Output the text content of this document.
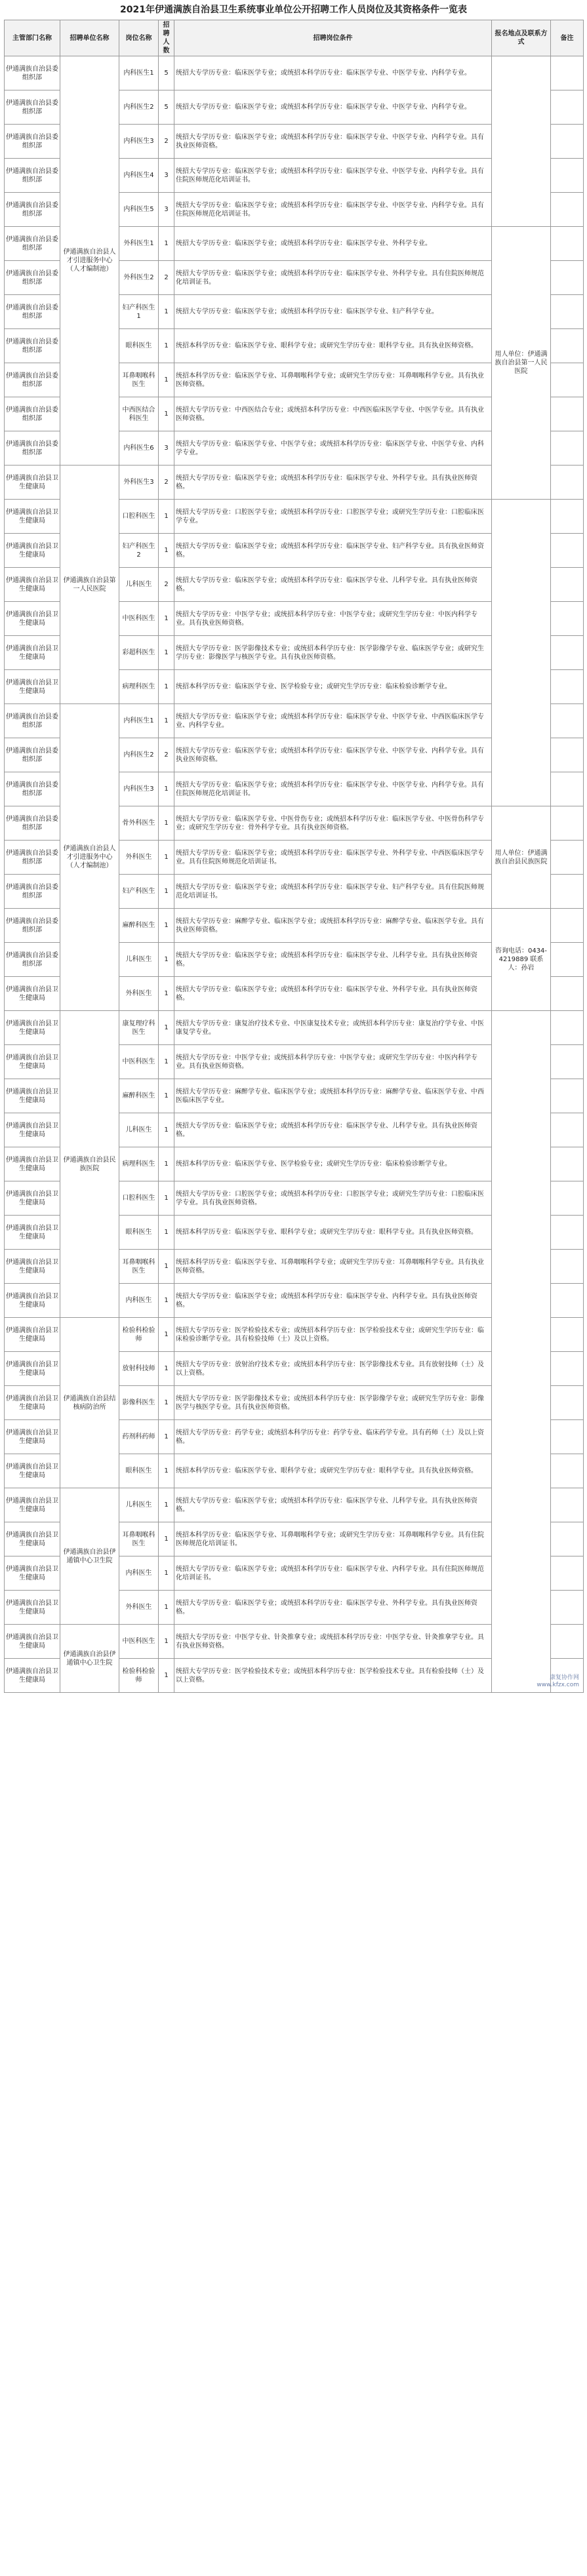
2021年伊通满族自治县卫生系统事业单位公开招聘工作人员岗位及其资格条件一览表
主管部门名称	招聘单位名称	岗位名称	招聘人数	招聘岗位条件	报名地点及联系方式	备注
伊通满族自治县委组织部	伊通满族自治县人才引进服务中心（人才编制池）	内科医生1	5	统招大专学历专业：临床医学专业；或统招本科学历专业：临床医学专业、中医学专业、内科学专业。		
伊通满族自治县委组织部		内科医生2	5	统招大专学历专业：临床医学专业；或统招本科学历专业：临床医学专业、中医学专业、内科学专业。		
伊通满族自治县委组织部		内科医生3	2	统招大专学历专业：临床医学专业；或统招本科学历专业：临床医学专业、中医学专业、内科学专业。具有执业医师资格。		
伊通满族自治县委组织部		内科医生4	3	统招大专学历专业：临床医学专业；或统招本科学历专业：临床医学专业、中医学专业、内科学专业。具有住院医师规范化培训证书。		
伊通满族自治县委组织部		内科医生5	3	统招大专学历专业：临床医学专业；或统招本科学历专业：临床医学专业、中医学专业、内科学专业。具有住院医师规范化培训证书。		
伊通满族自治县委组织部		外科医生1	1	统招大专学历专业：临床医学专业；或统招本科学历专业：临床医学专业、外科学专业。	用人单位：伊通满族自治县第一人民医院	
伊通满族自治县委组织部		外科医生2	2	统招大专学历专业：临床医学专业；或统招本科学历专业：临床医学专业、外科学专业。具有住院医师规范化培训证书。		
伊通满族自治县委组织部		妇产科医生1	1	统招大专学历专业：临床医学专业；或统招本科学历专业：临床医学专业、妇产科学专业。		
伊通满族自治县委组织部		眼科医生	1	统招本科学历专业：临床医学专业、眼科学专业；或研究生学历专业：眼科学专业。具有执业医师资格。		
伊通满族自治县委组织部		耳鼻咽喉科医生	1	统招本科学历专业：临床医学专业、耳鼻咽喉科学专业；或研究生学历专业：耳鼻咽喉科学专业。具有执业医师资格。		
伊通满族自治县委组织部		中西医结合科医生	1	统招大专学历专业：中西医结合专业；或统招本科学历专业：中西医临床医学专业、中医学专业。具有执业医师资格。		
伊通满族自治县委组织部		内科医生6	3	统招大专学历专业：临床医学专业、中医学专业；或统招本科学历专业：临床医学专业、中医学专业、内科学专业。		
伊通满族自治县卫生健康局	伊通满族自治县第一人民医院	外科医生3	2	统招大专学历专业：临床医学专业；或统招本科学历专业：临床医学专业、外科学专业。具有执业医师资格。		
伊通满族自治县卫生健康局		口腔科医生	1	统招大专学历专业：口腔医学专业；或统招本科学历专业：口腔医学专业；或研究生学历专业：口腔临床医学专业。		
伊通满族自治县卫生健康局		妇产科医生2	1	统招大专学历专业：临床医学专业；或统招本科学历专业：临床医学专业、妇产科学专业。具有执业医师资格。		
伊通满族自治县卫生健康局		儿科医生	2	统招大专学历专业：临床医学专业；或统招本科学历专业：临床医学专业、儿科学专业。具有执业医师资格。		
伊通满族自治县卫生健康局		中医科医生	1	统招大专学历专业：中医学专业；或统招本科学历专业：中医学专业；或研究生学历专业：中医内科学专业。具有执业医师资格。		
伊通满族自治县卫生健康局		彩超科医生	1	统招大专学历专业：医学影像技术专业；或统招本科学历专业：医学影像学专业、临床医学专业；或研究生学历专业：影像医学与核医学专业。具有执业医师资格。		
伊通满族自治县卫生健康局		病理科医生	1	统招本科学历专业：临床医学专业、医学检验专业；或研究生学历专业：临床检验诊断学专业。		
伊通满族自治县委组织部	伊通满族自治县人才引进服务中心（人才编制池）	内科医生1	1	统招大专学历专业：临床医学专业；或统招本科学历专业：临床医学专业、中医学专业、中西医临床医学专业、内科学专业。		
伊通满族自治县委组织部		内科医生2	2	统招大专学历专业：临床医学专业；或统招本科学历专业：临床医学专业、中医学专业、内科学专业。具有执业医师资格。		
伊通满族自治县委组织部		内科医生3	1	统招大专学历专业：临床医学专业；或统招本科学历专业：临床医学专业、中医学专业、内科学专业。具有住院医师规范化培训证书。		
伊通满族自治县委组织部		骨外科医生	1	统招大专学历专业：临床医学专业、中医骨伤专业；或统招本科学历专业：临床医学专业、中医骨伤科学专业；或研究生学历专业：骨外科学专业。具有执业医师资格。	用人单位：伊通满族自治县民族医院	
伊通满族自治县委组织部		外科医生	1	统招大专学历专业：临床医学专业；或统招本科学历专业：临床医学专业、外科学专业、中西医临床医学专业。具有住院医师规范化培训证书。		
伊通满族自治县委组织部		妇产科医生	1	统招大专学历专业：临床医学专业；或统招本科学历专业：临床医学专业、妇产科学专业。具有住院医师规范化培训证书。		
伊通满族自治县委组织部		麻醉科医生	1	统招大专学历专业：麻醉学专业、临床医学专业；或统招本科学历专业：麻醉学专业、临床医学专业。具有执业医师资格。	咨询电话：0434-4219889 联系人：孙岩	
伊通满族自治县委组织部		儿科医生	1	统招大专学历专业：临床医学专业；或统招本科学历专业：临床医学专业、儿科学专业。具有执业医师资格。		
伊通满族自治县卫生健康局		外科医生	1	统招大专学历专业：临床医学专业；或统招本科学历专业：临床医学专业、外科学专业。具有执业医师资格。		
伊通满族自治县卫生健康局	伊通满族自治县民族医院	康复理疗科医生	1	统招大专学历专业：康复治疗技术专业、中医康复技术专业；或统招本科学历专业：康复治疗学专业、中医康复学专业。		
伊通满族自治县卫生健康局		中医科医生	1	统招大专学历专业：中医学专业；或统招本科学历专业：中医学专业；或研究生学历专业：中医内科学专业。具有执业医师资格。		
伊通满族自治县卫生健康局		麻醉科医生	1	统招大专学历专业：麻醉学专业、临床医学专业；或统招本科学历专业：麻醉学专业、临床医学专业、中西医临床医学专业。		
伊通满族自治县卫生健康局		儿科医生	1	统招大专学历专业：临床医学专业；或统招本科学历专业：临床医学专业、儿科学专业。具有执业医师资格。		
伊通满族自治县卫生健康局		病理科医生	1	统招本科学历专业：临床医学专业、医学检验专业；或研究生学历专业：临床检验诊断学专业。		
伊通满族自治县卫生健康局		口腔科医生	1	统招大专学历专业：口腔医学专业；或统招本科学历专业：口腔医学专业；或研究生学历专业：口腔临床医学专业。具有执业医师资格。		
伊通满族自治县卫生健康局		眼科医生	1	统招本科学历专业：临床医学专业、眼科学专业；或研究生学历专业：眼科学专业。具有执业医师资格。		
伊通满族自治县卫生健康局		耳鼻咽喉科医生	1	统招本科学历专业：临床医学专业、耳鼻咽喉科学专业；或研究生学历专业：耳鼻咽喉科学专业。具有执业医师资格。		
伊通满族自治县卫生健康局		内科医生	1	统招大专学历专业：临床医学专业；或统招本科学历专业：临床医学专业、内科学专业。具有执业医师资格。		
伊通满族自治县卫生健康局	伊通满族自治县结核病防治所	检验科检验师	1	统招大专学历专业：医学检验技术专业；或统招本科学历专业：医学检验技术专业；或研究生学历专业：临床检验诊断学专业。具有检验技师（士）及以上资格。		
伊通满族自治县卫生健康局		放射科技师	1	统招大专学历专业：放射治疗技术专业；或统招本科学历专业：医学影像技术专业。具有放射技师（士）及以上资格。		
伊通满族自治县卫生健康局		影像科医生	1	统招大专学历专业：医学影像技术专业；或统招本科学历专业：医学影像学专业；或研究生学历专业：影像医学与核医学专业。具有执业医师资格。		
伊通满族自治县卫生健康局		药剂科药师	1	统招大专学历专业：药学专业；或统招本科学历专业：药学专业、临床药学专业。具有药师（士）及以上资格。		
伊通满族自治县卫生健康局		眼科医生	1	统招本科学历专业：临床医学专业、眼科学专业；或研究生学历专业：眼科学专业。具有执业医师资格。		
伊通满族自治县卫生健康局	伊通满族自治县伊通镇中心卫生院	儿科医生	1	统招大专学历专业：临床医学专业；或统招本科学历专业：临床医学专业、儿科学专业。具有执业医师资格。		
伊通满族自治县卫生健康局		耳鼻咽喉科医生	1	统招本科学历专业：临床医学专业、耳鼻咽喉科学专业；或研究生学历专业：耳鼻咽喉科学专业。具有住院医师规范化培训证书。		
伊通满族自治县卫生健康局		内科医生	1	统招大专学历专业：临床医学专业；或统招本科学历专业：临床医学专业、内科学专业。具有住院医师规范化培训证书。		
伊通满族自治县卫生健康局		外科医生	1	统招大专学历专业：临床医学专业；或统招本科学历专业：临床医学专业、外科学专业。具有执业医师资格。		
伊通满族自治县卫生健康局	伊通满族自治县伊通镇中心卫生院	中医科医生	1	统招大专学历专业：中医学专业、针灸推拿专业；或统招本科学历专业：中医学专业、针灸推拿学专业。具有执业医师资格。		
伊通满族自治县卫生健康局		检验科检验师	1	统招大专学历专业：医学检验技术专业；或统招本科学历专业：医学检验技术专业。具有检验技师（士）及以上资格。			康复协作网
www.kfzx.com
